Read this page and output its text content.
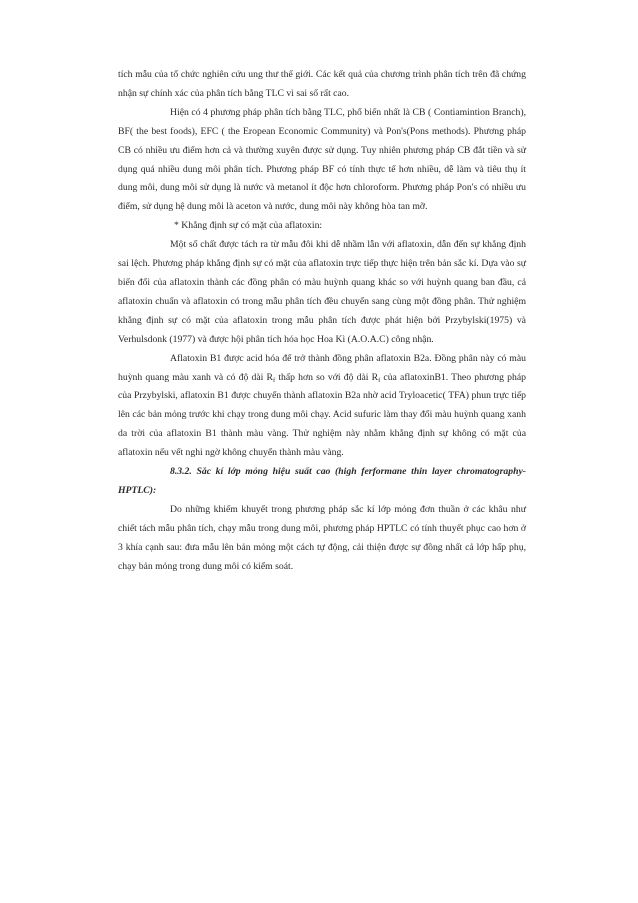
tích mẫu của tổ chức nghiên cứu ung thư thế giới. Các kết quả của chương trình phân tích trên đã chứng nhận sự chính xác của phân tích bằng TLC vì sai số rất cao.

Hiện có 4 phương pháp phân tích bằng TLC, phổ biến nhất là CB ( Contiamintion Branch), BF( the best foods), EFC ( the Eropean Economic Community) và Pon's(Pons methods). Phương pháp CB có nhiều ưu điểm hơn cả và thường xuyên được sử dụng. Tuy nhiên phương pháp CB đắt tiền và sử dụng quá nhiều dung môi phân tích. Phương pháp BF có tính thực tế hơn nhiều, dễ làm và tiêu thụ ít dung môi, dung môi sử dụng là nước và metanol ít độc hơn chloroform. Phương pháp Pon's có nhiều ưu điểm, sử dụng hệ dung môi là aceton và nước, dung môi này không hòa tan mỡ.

* Khẳng định sự có mặt của aflatoxin:

Một số chất được tách ra từ mẫu đôi khi dễ nhầm lẫn với aflatoxin, dẫn đến sự khẳng định sai lệch. Phương pháp khẳng định sự có mặt của aflatoxin trực tiếp thực hiện trên bản sắc kí. Dựa vào sự biến đổi của aflatoxin thành các đồng phân có màu huỳnh quang khác so với huỳnh quang ban đầu, cả aflatoxin chuẩn và aflatoxin có trong mẫu phân tích đều chuyển sang cùng một đồng phân. Thử nghiệm khẳng định sự có mặt của aflatoxin trong mẫu phân tích được phát hiện bởi Przybylski(1975) và Verhulsdonk (1977) và được hội phân tích hóa học Hoa Kì (A.O.A.C) công nhận.

Aflatoxin B1 được acid hóa để trở thành đồng phân aflatoxin B2a. Đồng phân này có màu huỳnh quang màu xanh và có độ dài $R_f$ thấp hơn so với độ dài $R_f$ của aflatoxinB1. Theo phương pháp của Przybylski, aflatoxin B1 được chuyển thành aflatoxin B2a nhờ acid Tryloacetic( TFA) phun trực tiếp lên các bản mỏng trước khi chạy trong dung môi chạy. Acid sufuric làm thay đổi màu huỳnh quang xanh da trời của aflatoxin B1 thành màu vàng. Thử nghiệm này nhằm khẳng định sự không có mặt của aflatoxin nếu vết nghi ngờ không chuyển thành màu vàng.

8.3.2. Sắc kí lớp mỏng hiệu suất cao (high ferformane thin layer chromatography-HPTLC):

Do những khiếm khuyết trong phương pháp sắc kí lớp mỏng đơn thuần ở các khâu như chiết tách mẫu phân tích, chạy mẫu trong dung môi, phương pháp HPTLC có tính thuyết phục cao hơn ở 3 khía cạnh sau: đưa mẫu lên bản mỏng một cách tự động, cải thiện được sự đồng nhất cả lớp hấp phụ, chạy bản mỏng trong dung môi có kiểm soát.
